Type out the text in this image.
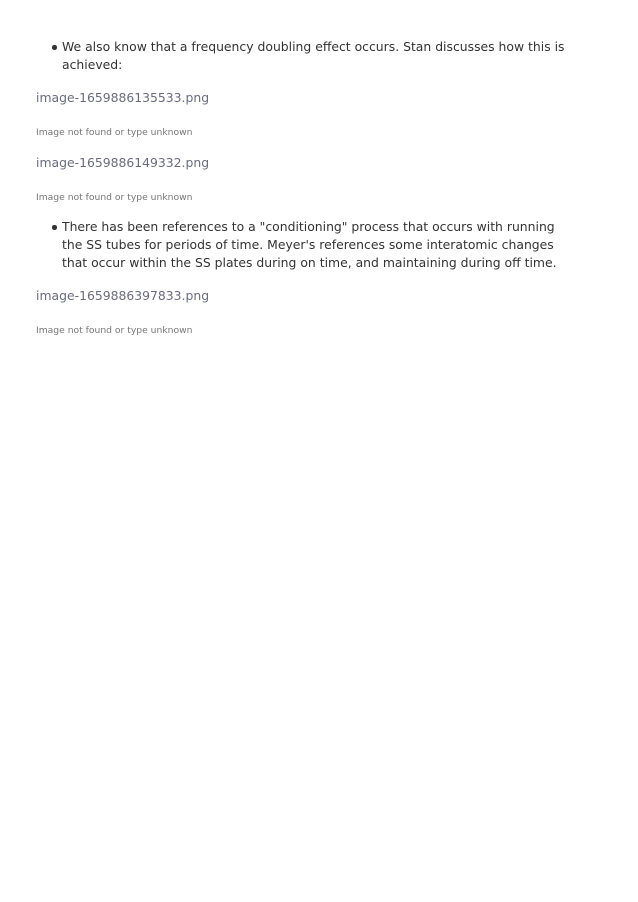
We also know that a frequency doubling effect occurs. Stan discusses how this is achieved:
image-1659886135533.png
Image not found or type unknown
image-1659886149332.png
Image not found or type unknown
There has been references to a "conditioning" process that occurs with running the SS tubes for periods of time. Meyer's references some interatomic changes that occur within the SS plates during on time, and maintaining during off time.
image-1659886397833.png
Image not found or type unknown
